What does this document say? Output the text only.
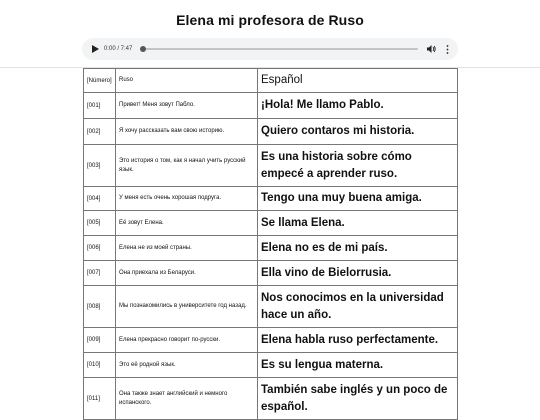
Elena mi profesora de Ruso
0:00 / 7:47
[Número]	Ruso	Español
[001]	Привет! Меня зовут Пабло.	¡Hola! Me llamo Pablo.
[002]	Я хочу рассказать вам свою историю.	Quiero contaros mi historia.
[003]	Это история о том, как я начал учить русский язык.	Es una historia sobre cómo empecé a aprender ruso.
[004]	У меня есть очень хорошая подруга.	Tengo una muy buena amiga.
[005]	Её зовут Елена.	Se llama Elena.
[006]	Елена не из моей страны.	Elena no es de mi país.
[007]	Она приехала из Беларуси.	Ella vino de Bielorrusia.
[008]	Мы познакомились в университете год назад.	Nos conocimos en la universidad hace un año.
[009]	Елена прекрасно говорит по-русски.	Elena habla ruso perfectamente.
[010]	Это её родной язык.	Es su lengua materna.
[011]	Она также знает английский и немного испанского.	También sabe inglés y un poco de español.
